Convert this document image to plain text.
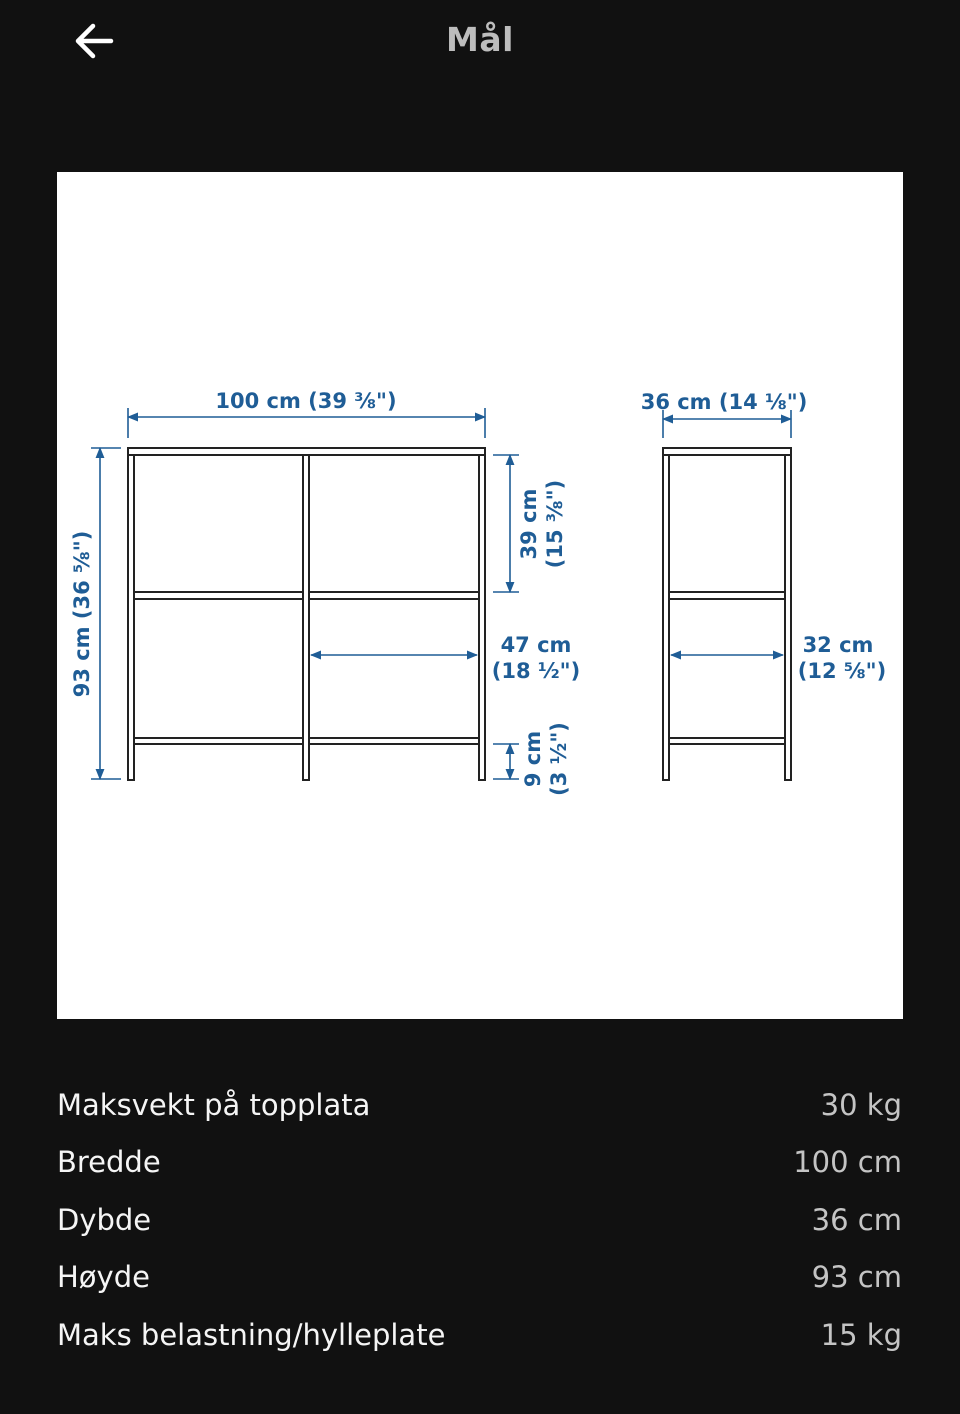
Mål
100 cm (39 ⅜")
93 cm (36 ⅝")
39 cm (15 ⅜")
47 cm
(18 ½")
9 cm (3 ½")
36 cm (14 ⅛")
32 cm
(12 ⅝")
Maksvekt på topplata	30 kg
Bredde	100 cm
Dybde	36 cm
Høyde	93 cm
Maks belastning/hylleplate	15 kg
